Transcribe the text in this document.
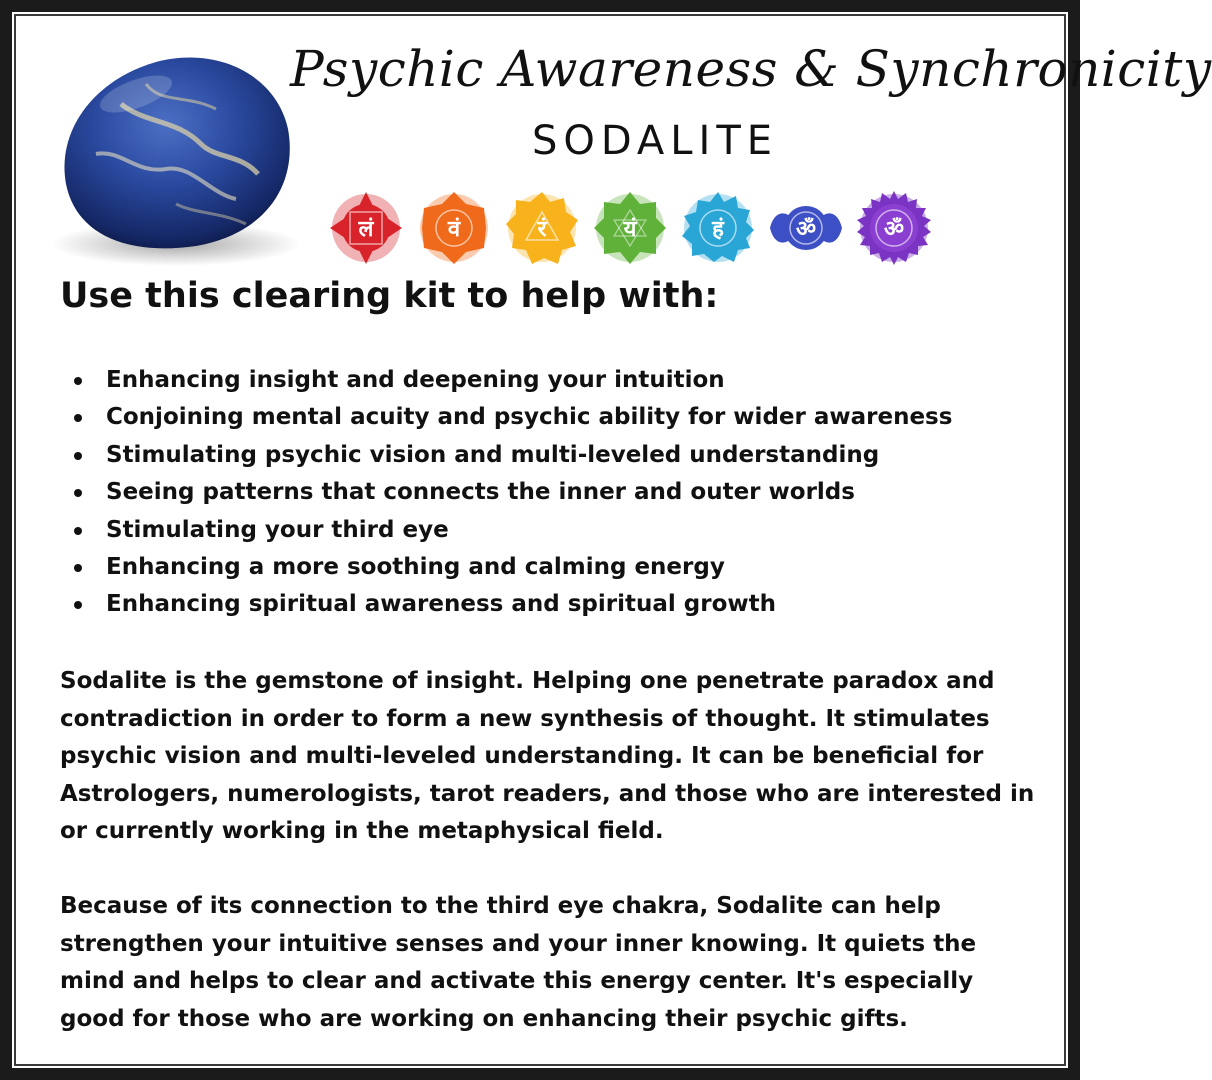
Psychic Awareness & Synchronicity
SODALITE
लं	वं	रं	यं	हं	ॐ	ॐ
Use this clearing kit to help with:
Enhancing insight and deepening your intuition
Conjoining mental acuity and psychic ability for wider awareness
Stimulating psychic vision and multi-leveled understanding
Seeing patterns that connects the inner and outer worlds
Stimulating your third eye
Enhancing a more soothing and calming energy
Enhancing spiritual awareness and spiritual growth

Sodalite is the gemstone of insight. Helping one penetrate paradox and contradiction in order to form a new synthesis of thought. It stimulates psychic vision and multi-leveled understanding. It can be beneficial for Astrologers, numerologists, tarot readers, and those who are interested in or currently working in the metaphysical field.

Because of its connection to the third eye chakra, Sodalite can help strengthen your intuitive senses and your inner knowing. It quiets the mind and helps to clear and activate this energy center. It's especially good for those who are working on enhancing their psychic gifts.
